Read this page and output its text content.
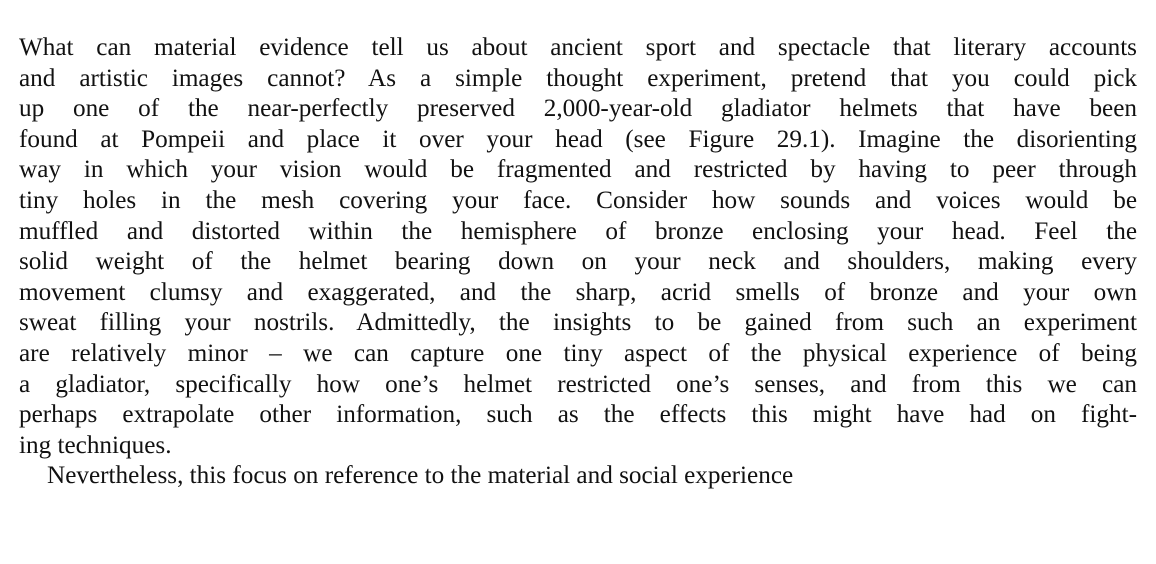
What can material evidence tell us about ancient sport and spectacle that literary accounts
and artistic images cannot? As a simple thought experiment, pretend that you could pick
up one of the near-perfectly preserved 2,000-year-old gladiator helmets that have been
found at Pompeii and place it over your head (see Figure 29.1). Imagine the disorienting
way in which your vision would be fragmented and restricted by having to peer through
tiny holes in the mesh covering your face. Consider how sounds and voices would be
muffled and distorted within the hemisphere of bronze enclosing your head. Feel the
solid weight of the helmet bearing down on your neck and shoulders, making every
movement clumsy and exaggerated, and the sharp, acrid smells of bronze and your own
sweat filling your nostrils. Admittedly, the insights to be gained from such an experiment
are relatively minor – we can capture one tiny aspect of the physical experience of being
a gladiator, specifically how one’s helmet restricted one’s senses, and from this we can
perhaps extrapolate other information, such as the effects this might have had on fight-
ing techniques.
Nevertheless, this focus on reference to the material and social experience
